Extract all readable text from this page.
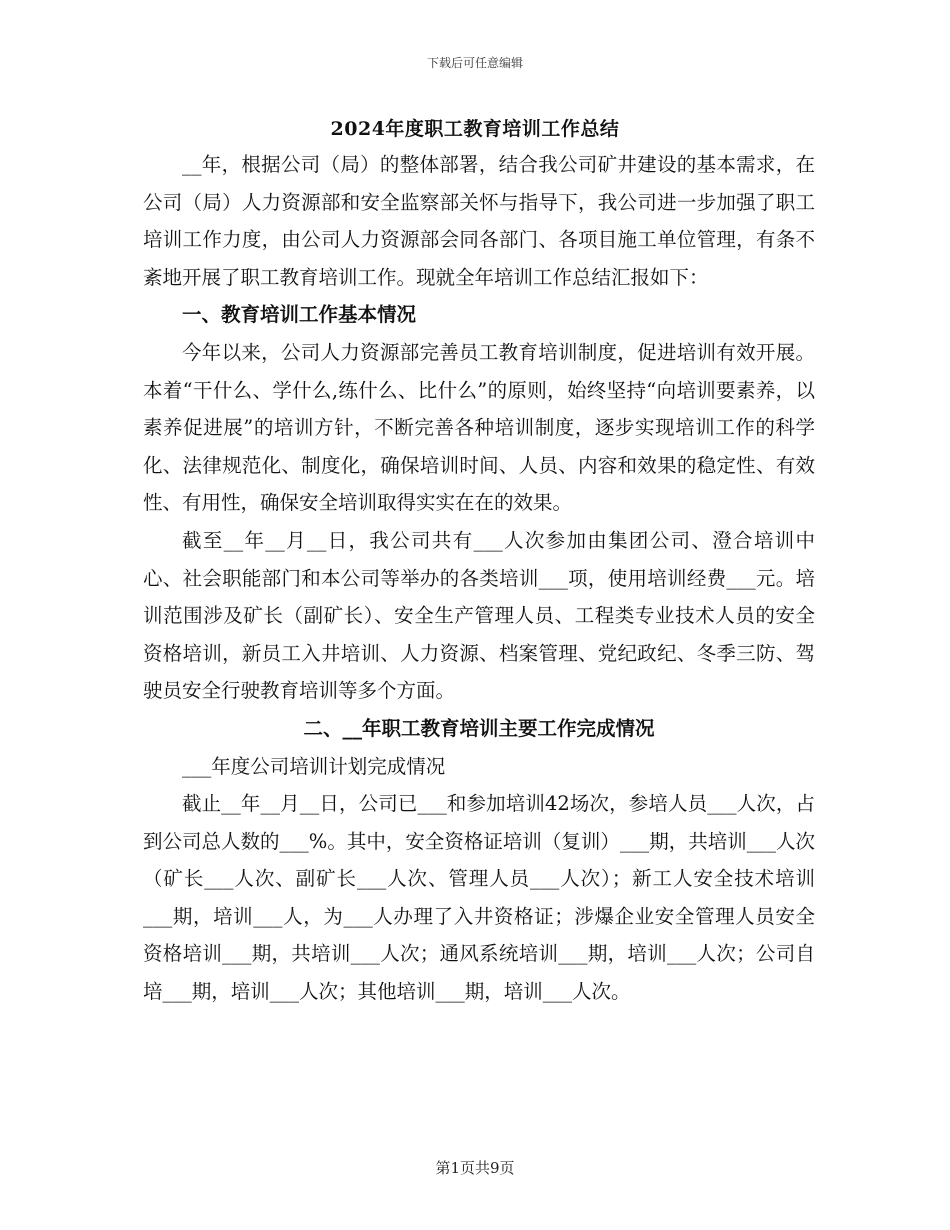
下载后可任意编辑
2024年度职工教育培训工作总结

__年，根据公司（局）的整体部署，结合我公司矿井建设的基本需求，在公司（局）人力资源部和安全监察部关怀与指导下，我公司进一步加强了职工培训工作力度，由公司人力资源部会同各部门、各项目施工单位管理，有条不紊地开展了职工教育培训工作。现就全年培训工作总结汇报如下：

一、教育培训工作基本情况

今年以来，公司人力资源部完善员工教育培训制度，促进培训有效开展。本着“干什么、学什么,练什么、比什么”的原则，始终坚持“向培训要素养，以素养促进展”的培训方针，不断完善各种培训制度，逐步实现培训工作的科学化、法律规范化、制度化，确保培训时间、人员、内容和效果的稳定性、有效性、有用性，确保安全培训取得实实在在的效果。

截至__年__月__日，我公司共有___人次参加由集团公司、澄合培训中心、社会职能部门和本公司等举办的各类培训___项，使用培训经费___元。培训范围涉及矿长（副矿长）、安全生产管理人员、工程类专业技术人员的安全资格培训，新员工入井培训、人力资源、档案管理、党纪政纪、冬季三防、驾驶员安全行驶教育培训等多个方面。

二、__年职工教育培训主要工作完成情况

___年度公司培训计划完成情况

截止__年__月__日，公司已___和参加培训42场次，参培人员___人次，占到公司总人数的___%。其中，安全资格证培训（复训）___期，共培训___人次（矿长___人次、副矿长___人次、管理人员___人次）；新工人安全技术培训___期，培训___人，为___人办理了入井资格证；涉爆企业安全管理人员安全资格培训___期，共培训___人次；通风系统培训___期，培训___人次；公司自培___期，培训___人次；其他培训___期，培训___人次。

第1页共9页
